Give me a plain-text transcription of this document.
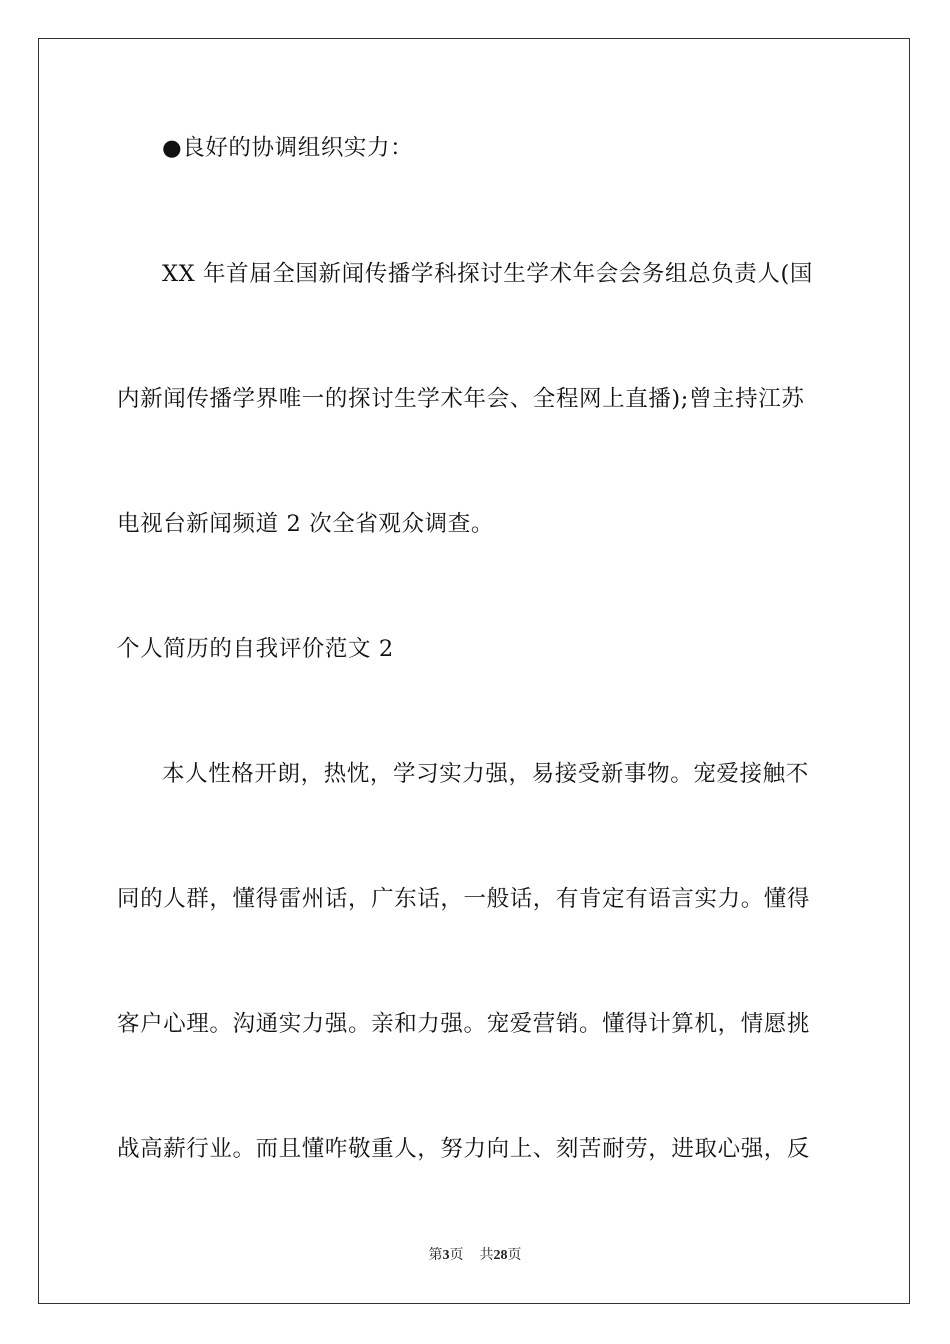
●良好的协调组织实力：
XX 年首届全国新闻传播学科探讨生学术年会会务组总负责人(国
内新闻传播学界唯一的探讨生学术年会、全程网上直播);曾主持江苏
电视台新闻频道 2 次全省观众调查。
个人简历的自我评价范文 2
本人性格开朗，热忱，学习实力强，易接受新事物。宠爱接触不
同的人群，懂得雷州话，广东话，一般话，有肯定有语言实力。懂得
客户心理。沟通实力强。亲和力强。宠爱营销。懂得计算机，情愿挑
战高薪行业。而且懂咋敬重人，努力向上、刻苦耐劳，进取心强，反
第3页 共28页
